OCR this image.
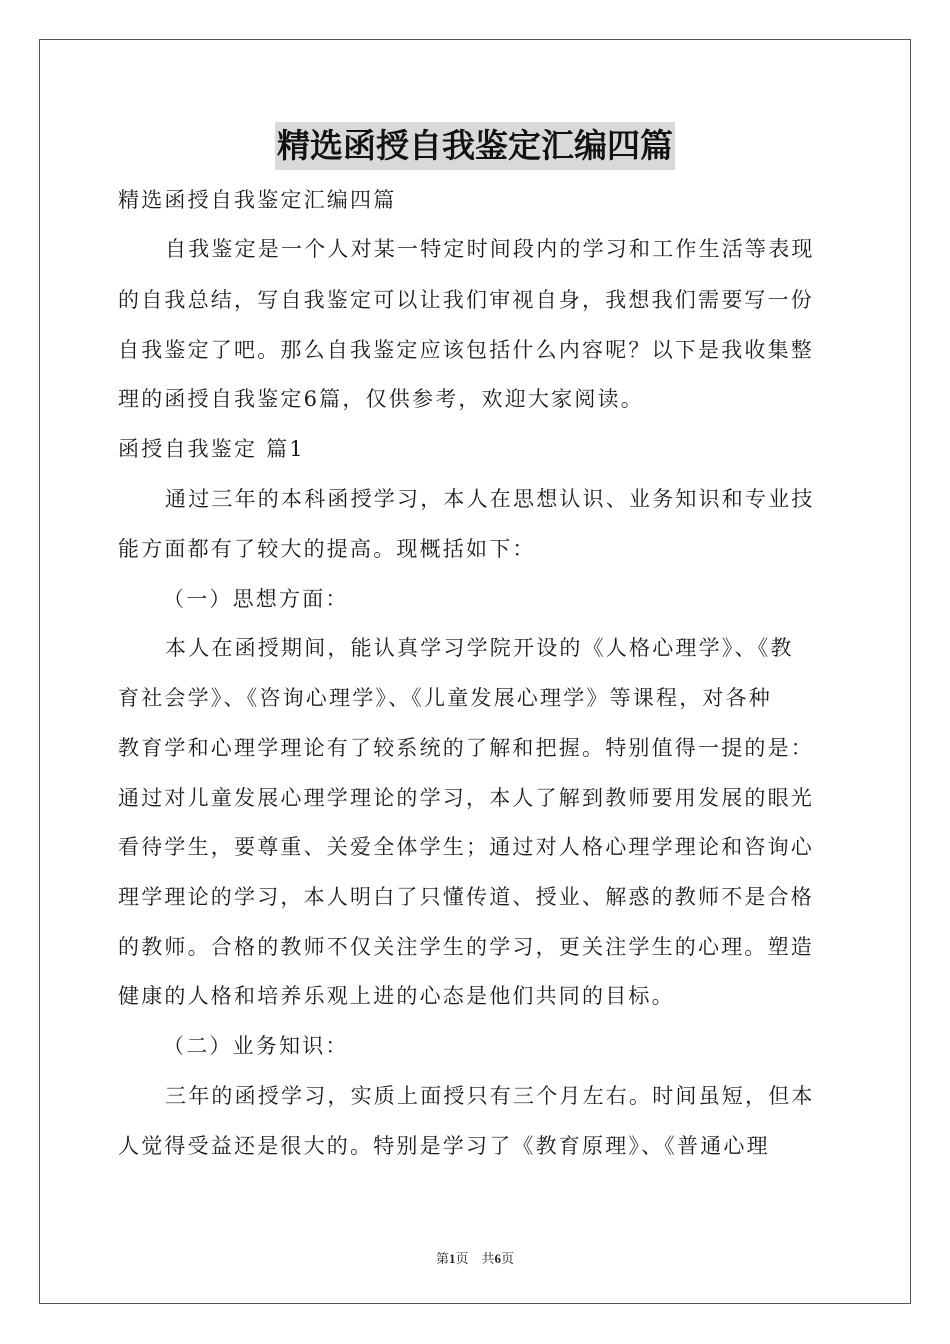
精选函授自我鉴定汇编四篇
精选函授自我鉴定汇编四篇
自我鉴定是一个人对某一特定时间段内的学习和工作生活等表现
的自我总结，写自我鉴定可以让我们审视自身，我想我们需要写一份
自我鉴定了吧。那么自我鉴定应该包括什么内容呢？以下是我收集整
理的函授自我鉴定6篇，仅供参考，欢迎大家阅读。
函授自我鉴定 篇1
通过三年的本科函授学习，本人在思想认识、业务知识和专业技
能方面都有了较大的提高。现概括如下：
（一）思想方面：
本人在函授期间，能认真学习学院开设的《人格心理学》、《教
育社会学》、《咨询心理学》、《儿童发展心理学》等课程，对各种
教育学和心理学理论有了较系统的了解和把握。特别值得一提的是：
通过对儿童发展心理学理论的学习，本人了解到教师要用发展的眼光
看待学生，要尊重、关爱全体学生；通过对人格心理学理论和咨询心
理学理论的学习，本人明白了只懂传道、授业、解惑的教师不是合格
的教师。合格的教师不仅关注学生的学习，更关注学生的心理。塑造
健康的人格和培养乐观上进的心态是他们共同的目标。
（二）业务知识：
三年的函授学习，实质上面授只有三个月左右。时间虽短，但本
人觉得受益还是很大的。特别是学习了《教育原理》、《普通心理
第1页 共6页
